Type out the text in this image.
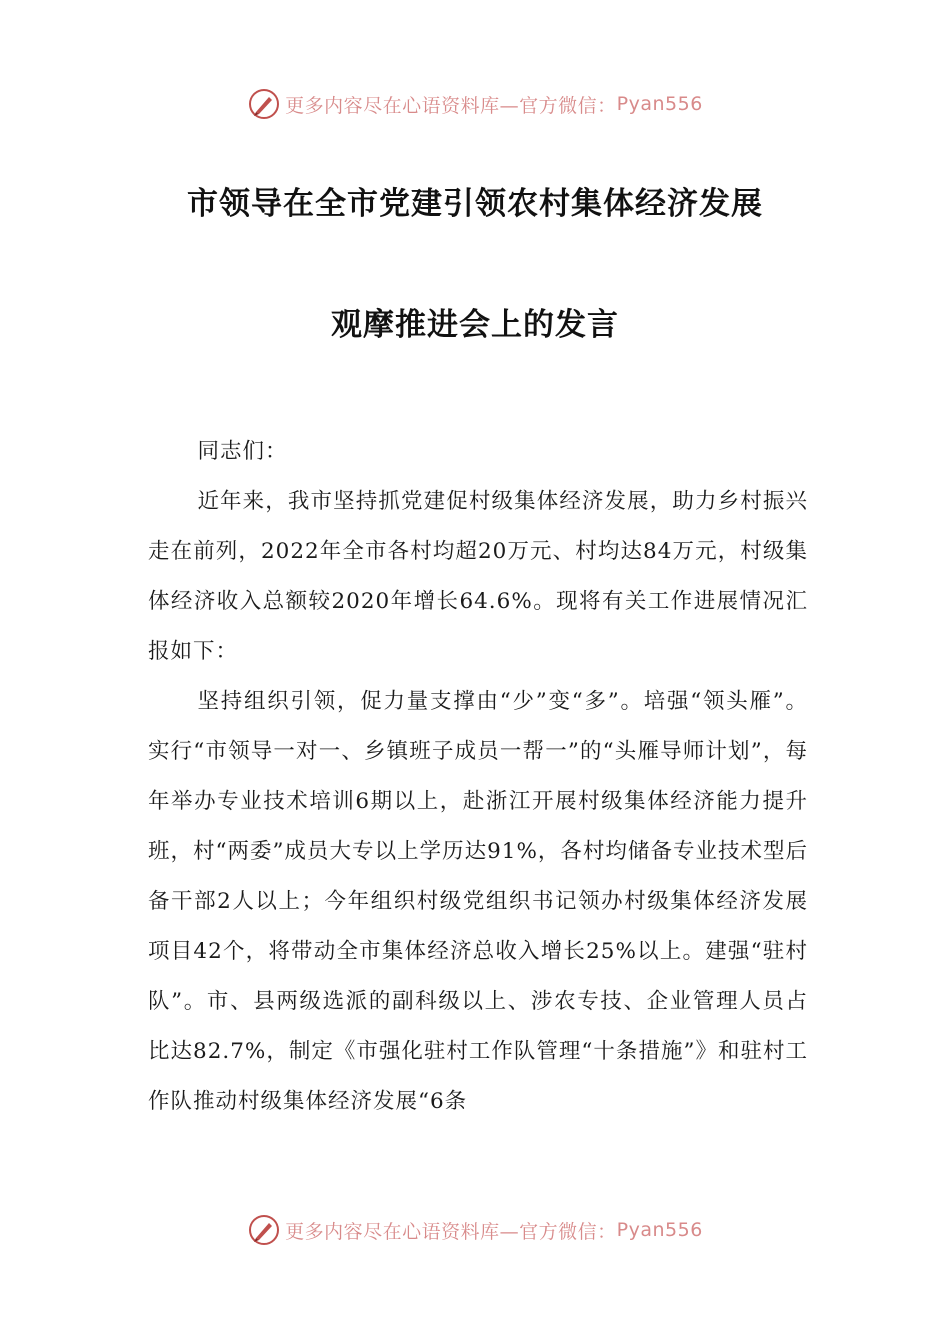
更多内容尽在心语资料库—官方微信： Pyan556
市领导在全市党建引领农村集体经济发展
观摩推进会上的发言

同志们：

近年来，我市坚持抓党建促村级集体经济发展，助力乡村振兴走在前列，2022年全市各村均超20万元、村均达84万元，村级集体经济收入总额较2020年增长64.6%。现将有关工作进展情况汇报如下：

坚持组织引领，促力量支撑由“少”变“多”。培强“领头雁”。实行“市领导一对一、乡镇班子成员一帮一”的“头雁导师计划”，每年举办专业技术培训6期以上，赴浙江开展村级集体经济能力提升班，村“两委”成员大专以上学历达91%，各村均储备专业技术型后备干部2人以上；今年组织村级党组织书记领办村级集体经济发展项目42个，将带动全市集体经济总收入增长25%以上。建强“驻村队”。市、县两级选派的副科级以上、涉农专技、企业管理人员占比达82.7%，制定《市强化驻村工作队管理“十条措施”》和驻村工作队推动村级集体经济发展“6条

更多内容尽在心语资料库—官方微信： Pyan556
